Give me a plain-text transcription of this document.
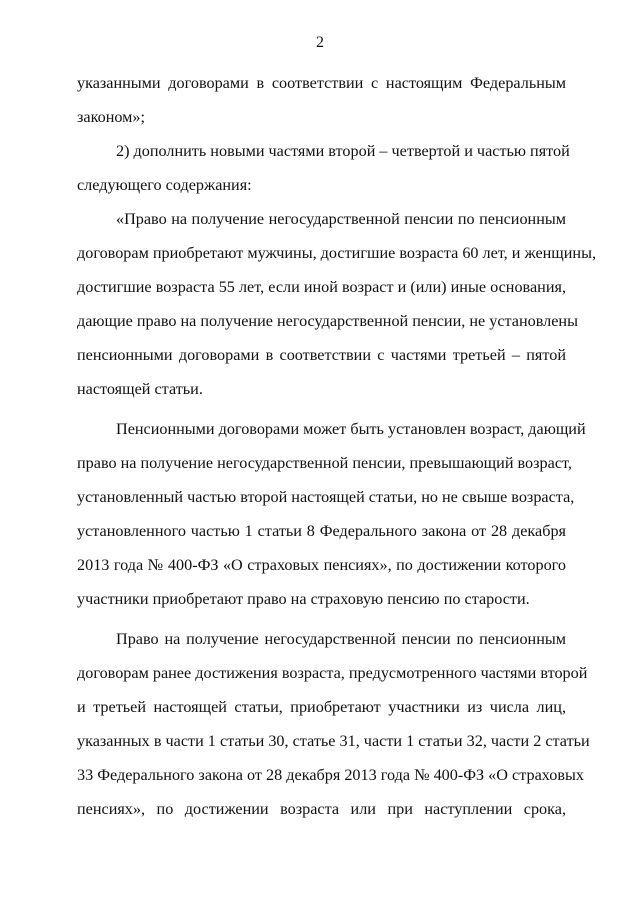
2
указанными договорами в соответствии с настоящим Федеральным
законом»;
2) дополнить новыми частями второй – четвертой и частью пятой
следующего содержания:
«Право на получение негосударственной пенсии по пенсионным
договорам приобретают мужчины, достигшие возраста 60 лет, и женщины,
достигшие возраста 55 лет, если иной возраст и (или) иные основания,
дающие право на получение негосударственной пенсии, не установлены
пенсионными договорами в соответствии с частями третьей – пятой
настоящей статьи.
Пенсионными договорами может быть установлен возраст, дающий
право на получение негосударственной пенсии, превышающий возраст,
установленный частью второй настоящей статьи, но не свыше возраста,
установленного частью 1 статьи 8 Федерального закона от 28 декабря
2013 года № 400-ФЗ «О страховых пенсиях», по достижении которого
участники приобретают право на страховую пенсию по старости.
Право на получение негосударственной пенсии по пенсионным
договорам ранее достижения возраста, предусмотренного частями второй
и третьей настоящей статьи, приобретают участники из числа лиц,
указанных в части 1 статьи 30, статье 31, части 1 статьи 32, части 2 статьи
33 Федерального закона от 28 декабря 2013 года № 400-ФЗ «О страховых
пенсиях», по достижении возраста или при наступлении срока,
